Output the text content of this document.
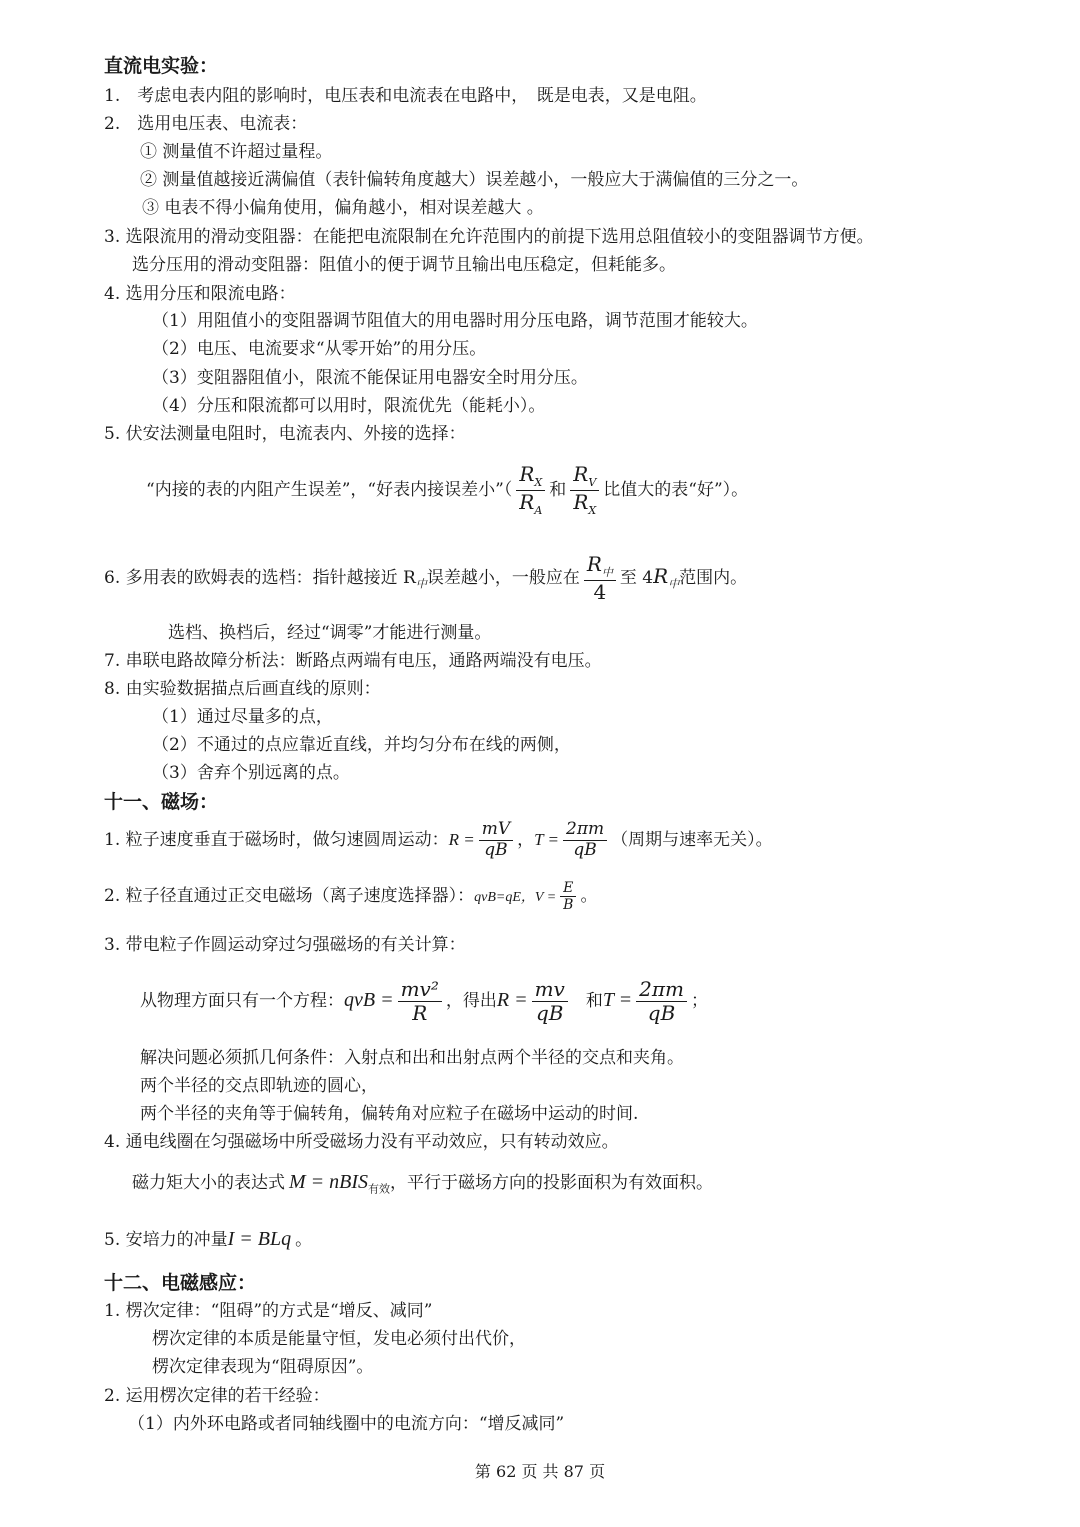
直流电实验：
1.　考虑电表内阻的影响时，电压表和电流表在电路中，　既是电表，又是电阻。
2.　选用电压表、电流表：
① 测量值不许超过量程。
② 测量值越接近满偏值（表针偏转角度越大）误差越小，一般应大于满偏值的三分之一。
③ 电表不得小偏角使用，偏角越小，相对误差越大 。
3. 选限流用的滑动变阻器：在能把电流限制在允许范围内的前提下选用总阻值较小的变阻器调节方便。
选分压用的滑动变阻器：阻值小的便于调节且输出电压稳定，但耗能多。
4. 选用分压和限流电路：
（1）用阻值小的变阻器调节阻值大的用电器时用分压电路，调节范围才能较大。
（2）电压、电流要求“从零开始”的用分压。
（3）变阻器阻值小，限流不能保证用电器安全时用分压。
（4）分压和限流都可以用时，限流优先（能耗小）。
5. 伏安法测量电阻时，电流表内、外接的选择：
“内接的表的内阻产生误差”，“好表内接误差小”（ $\frac{R_X}{R_A}$ 和 $\frac{R_V}{R_X}$ 比值大的表“好”）。
6. 多用表的欧姆表的选档：指针越接近 $R_中$误差越小，一般应在 $\frac{R_中}{4}$ 至 $4R_中$范围内。
选档、换档后，经过“调零”才能进行测量。
7. 串联电路故障分析法：断路点两端有电压，通路两端没有电压。
8. 由实验数据描点后画直线的原则：
（1）通过尽量多的点，
（2）不通过的点应靠近直线，并均匀分布在线的两侧，
（3）舍弃个别远离的点。
十一、磁场：
1. 粒子速度垂直于磁场时，做匀速圆周运动：$R = \frac{mV}{qB}$ ，$T = \frac{2\pi m}{qB}$ （周期与速率无关）。
2. 粒子径直通过正交电磁场（离子速度选择器）：qvB=qE，$V = \frac{E}{B}$ 。
3. 带电粒子作圆运动穿过匀强磁场的有关计算：
从物理方面只有一个方程：qvB = $\frac{\text{mv²}}{R}$ ，得出$R = \frac{mv}{qB}$ 和$T = \frac{2\pi m}{qB}$ ；
解决问题必须抓几何条件：入射点和出和出射点两个半径的交点和夹角。
两个半径的交点即轨迹的圆心，
两个半径的夹角等于偏转角，偏转角对应粒子在磁场中运动的时间.
4. 通电线圈在匀强磁场中所受磁场力没有平动效应，只有转动效应。
磁力矩大小的表达式 M = nBIS$_{有效}$，平行于磁场方向的投影面积为有效面积。
5. 安培力的冲量I = BLq 。
十二、电磁感应：
1. 楞次定律：“阻碍”的方式是“增反、减同”
楞次定律的本质是能量守恒，发电必须付出代价，
楞次定律表现为“阻碍原因”。
2. 运用楞次定律的若干经验：
（1）内外环电路或者同轴线圈中的电流方向：“增反减同”
第 62 页 共 87 页
